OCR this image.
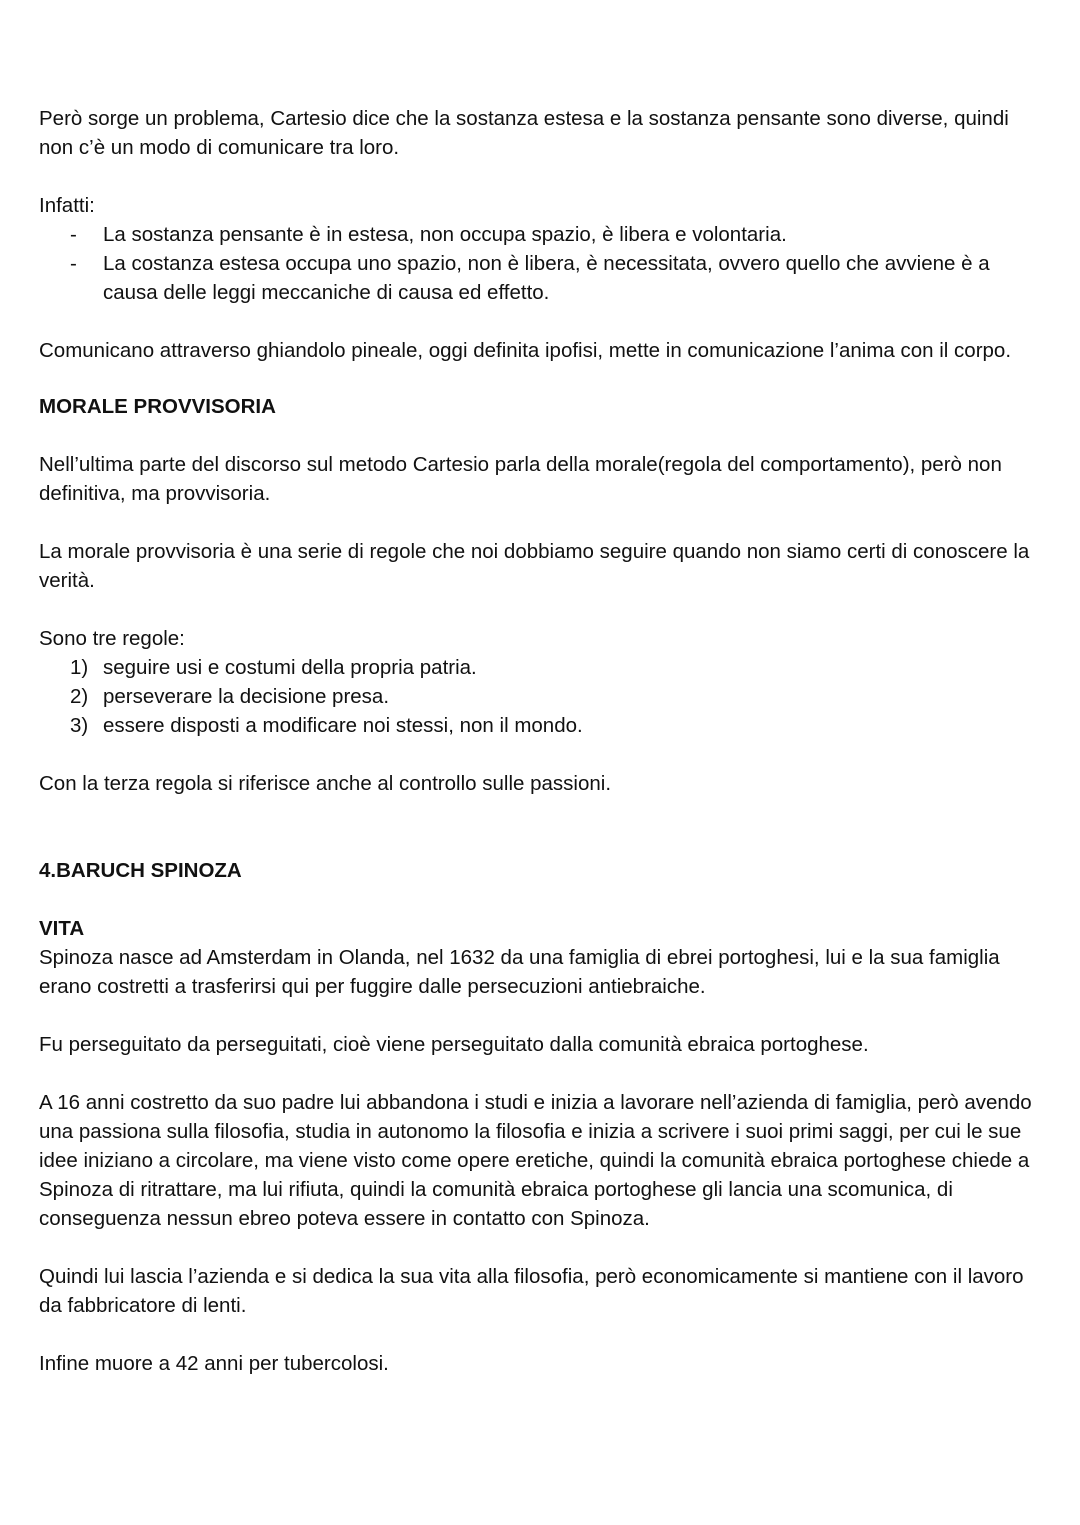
Però sorge un problema, Cartesio dice che la sostanza estesa e la sostanza pensante sono diverse, quindi non c’è un modo di comunicare tra loro.

Infatti:

- La sostanza pensante è in estesa, non occupa spazio, è libera e volontaria.
- La costanza estesa occupa uno spazio, non è libera, è necessitata, ovvero quello che avviene è a causa delle leggi meccaniche di causa ed effetto.

Comunicano attraverso ghiandolo pineale, oggi definita ipofisi, mette in comunicazione l’anima con il corpo.

MORALE PROVVISORIA

Nell’ultima parte del discorso sul metodo Cartesio parla della morale(regola del comportamento), però non definitiva, ma provvisoria.

La morale provvisoria è una serie di regole che noi dobbiamo seguire quando non siamo certi di conoscere la verità.

Sono tre regole:

1) seguire usi e costumi della propria patria.
2) perseverare la decisione presa.
3) essere disposti a modificare noi stessi, non il mondo.

Con la terza regola si riferisce anche al controllo sulle passioni.

4.BARUCH SPINOZA

VITA

Spinoza nasce ad Amsterdam in Olanda, nel 1632 da una famiglia di ebrei portoghesi, lui e la sua famiglia erano costretti a trasferirsi qui per fuggire dalle persecuzioni antiebraiche.

Fu perseguitato da perseguitati, cioè viene perseguitato dalla comunità ebraica portoghese.

A 16 anni costretto da suo padre lui abbandona i studi e inizia a lavorare nell’azienda di famiglia, però avendo una passiona sulla filosofia, studia in autonomo la filosofia e inizia a scrivere i suoi primi saggi, per cui le sue idee iniziano a circolare, ma viene visto come opere eretiche, quindi la comunità ebraica portoghese chiede a Spinoza di ritrattare, ma lui rifiuta, quindi la comunità ebraica portoghese gli lancia una scomunica, di conseguenza nessun ebreo poteva essere in contatto con Spinoza.

Quindi lui lascia l’azienda e si dedica la sua vita alla filosofia, però economicamente si mantiene con il lavoro da fabbricatore di lenti.

Infine muore a 42 anni per tubercolosi.
